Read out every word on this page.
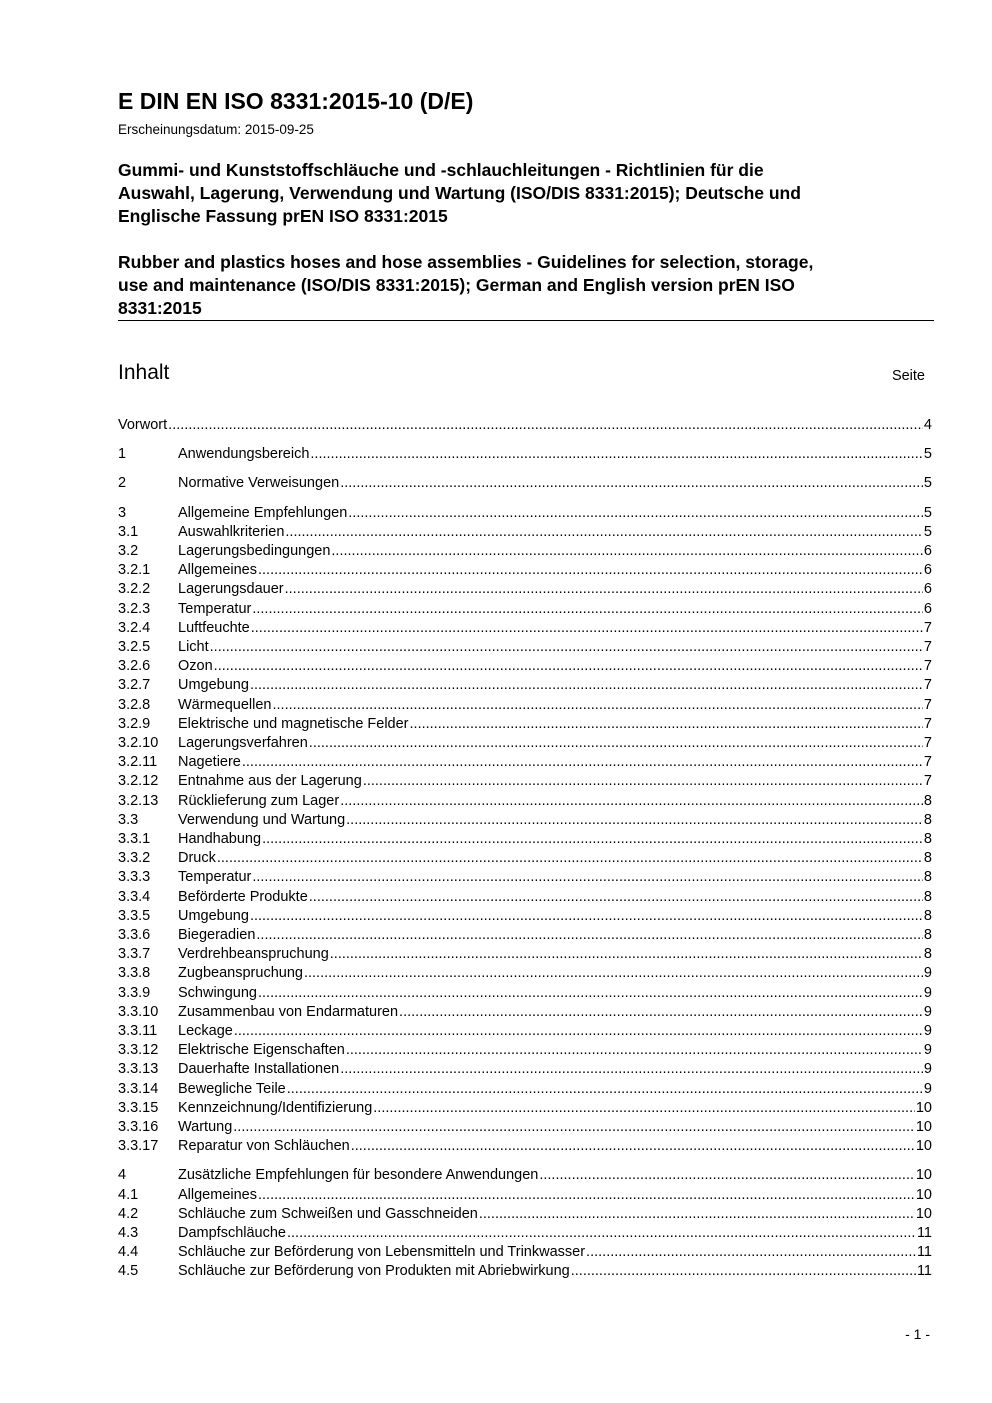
E DIN EN ISO 8331:2015-10 (D/E)
Erscheinungsdatum: 2015-09-25
Gummi- und Kunststoffschläuche und -schlauchleitungen - Richtlinien für die
Auswahl, Lagerung, Verwendung und Wartung (ISO/DIS 8331:2015); Deutsche und
Englische Fassung prEN ISO 8331:2015
Rubber and plastics hoses and hose assemblies - Guidelines for selection, storage,
use and maintenance (ISO/DIS 8331:2015); German and English version prEN ISO
8331:2015
Inhalt	Seite
Vorwort .....	4
1	Anwendungsbereich .....	5
2	Normative Verweisungen .....	5
3	Allgemeine Empfehlungen .....	5
3.1	Auswahlkriterien .....	5
3.2	Lagerungsbedingungen .....	6
3.2.1	Allgemeines .....	6
3.2.2	Lagerungsdauer .....	6
3.2.3	Temperatur .....	6
3.2.4	Luftfeuchte .....	7
3.2.5	Licht .....	7
3.2.6	Ozon .....	7
3.2.7	Umgebung .....	7
3.2.8	Wärmequellen .....	7
3.2.9	Elektrische und magnetische Felder .....	7
3.2.10	Lagerungsverfahren .....	7
3.2.11	Nagetiere .....	7
3.2.12	Entnahme aus der Lagerung .....	7
3.2.13	Rücklieferung zum Lager .....	8
3.3	Verwendung und Wartung .....	8
3.3.1	Handhabung .....	8
3.3.2	Druck .....	8
3.3.3	Temperatur .....	8
3.3.4	Beförderte Produkte .....	8
3.3.5	Umgebung .....	8
3.3.6	Biegeradien .....	8
3.3.7	Verdrehbeanspruchung .....	8
3.3.8	Zugbeanspruchung .....	9
3.3.9	Schwingung .....	9
3.3.10	Zusammenbau von Endarmaturen .....	9
3.3.11	Leckage .....	9
3.3.12	Elektrische Eigenschaften .....	9
3.3.13	Dauerhafte Installationen .....	9
3.3.14	Bewegliche Teile .....	9
3.3.15	Kennzeichnung/Identifizierung .....	10
3.3.16	Wartung .....	10
3.3.17	Reparatur von Schläuchen .....	10
4	Zusätzliche Empfehlungen für besondere Anwendungen .....	10
4.1	Allgemeines .....	10
4.2	Schläuche zum Schweißen und Gasschneiden .....	10
4.3	Dampfschläuche .....	11
4.4	Schläuche zur Beförderung von Lebensmitteln und Trinkwasser .....	11
4.5	Schläuche zur Beförderung von Produkten mit Abriebwirkung .....	11
- 1 -
